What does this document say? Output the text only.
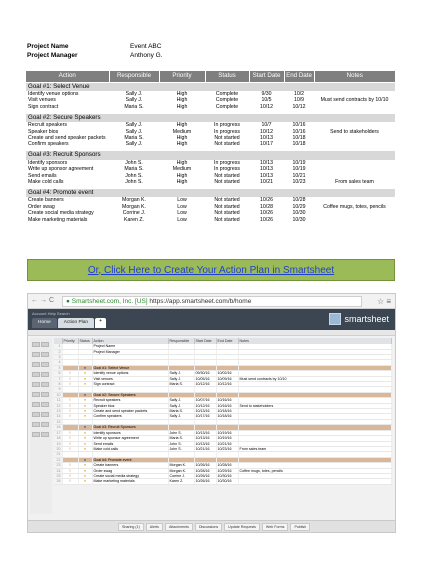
Project Name	Event ABC
Project Manager	Anthony G.
Action	Responsible	Priority	Status	Start Date	End Date	Notes
Goal #1: Select Venue						
Identify venue options	Sally J.	High	Complete	9/30	10/2	
Visit venues	Sally J.	High	Complete	10/5	10/9	Must send contracts by 10/10
Sign contract	Maria S.	High	Complete	10/12	10/12	

Goal #2: Secure Speakers						
Recruit speakers	Sally J.	High	In progress	10/7	10/16	
Speaker bios	Sally J.	Medium	In progress	10/12	10/16	Send to stakeholders
Create and send speaker packets	Maria S.	High	Not started	10/13	10/18	
Confirm speakers	Sally J.	High	Not started	10/17	10/18	

Goal #3: Recruit Sponsors						
Identify sponsors	John S.	High	In progress	10/13	10/19	
Write up sponsor agreement	Maria S.	Medium	In progress	10/13	10/19	
Send emails	John S.	High	Not started	10/13	10/21	
Make cold calls	John S.	High	Not started	10/21	10/23	From sales team

Goal #4: Promote event						
Create banners	Morgan K.	Low	Not started	10/26	10/28	
Order swag	Morgan K.	Low	Not started	10/28	10/29	Coffee mugs, totes, pencils
Create social media strategy	Corrine J.	Low	Not started	10/26	10/30	
Make marketing materials	Karen Z.	Low	Not started	10/26	10/30	

Or, Click Here to Create Your Action Plan in Smartsheet
←→C	● Smartsheet.com, Inc. [US] https://app.smartsheet.com/b/home	☆ ≡
Account Help Search
Home	Action Plan	+	smartsheet
	Priority	Status	Action	Responsible	Start Date	End Date	Notes
1			Project Name				
2			Project Manager				
3							
4							
5		■	Goal #1: Select Venue				
6	!	●	Identify venue options	Sally J.	09/30/16	10/02/16	
7	!	●	Visit venues	Sally J.	10/05/16	10/09/16	Must send contracts by 10/10
8	!	●	Sign contract	Maria S.	10/12/16	10/12/16	
9							
10		■	Goal #2: Secure Speakers				
11	!	●	Recruit speakers	Sally J.	10/07/16	10/16/16	
12	!	●	Speaker bios	Sally J.	10/12/16	10/16/16	Send to stakeholders
13	!	●	Create and send speaker packets	Maria S.	10/13/16	10/18/16	
14	!	●	Confirm speakers	Sally J.	10/17/16	10/18/16	
15							
16		■	Goal #3: Recruit Sponsors				
17	!	●	Identify sponsors	John S.	10/13/16	10/19/16	
18	!	●	Write up sponsor agreement	Maria S.	10/13/16	10/19/16	
19	!	●	Send emails	John S.	10/13/16	10/21/16	
20	!	●	Make cold calls	John S.	10/21/16	10/23/16	From sales team
21							
22		■	Goal #4: Promote event				
23	!	●	Create banners	Morgan K.	10/26/16	10/28/16	
24	!	●	Order swag	Morgan K.	10/28/16	10/29/16	Coffee mugs, totes, pencils
25	!	●	Create social media strategy	Corrine J.	10/26/16	10/30/16	
26	!	●	Make marketing materials	Karen Z.	10/26/16	10/30/16	
Sharing (1)	Alerts	Attachments	Discussions	Update Requests	Web Forms	Publish
